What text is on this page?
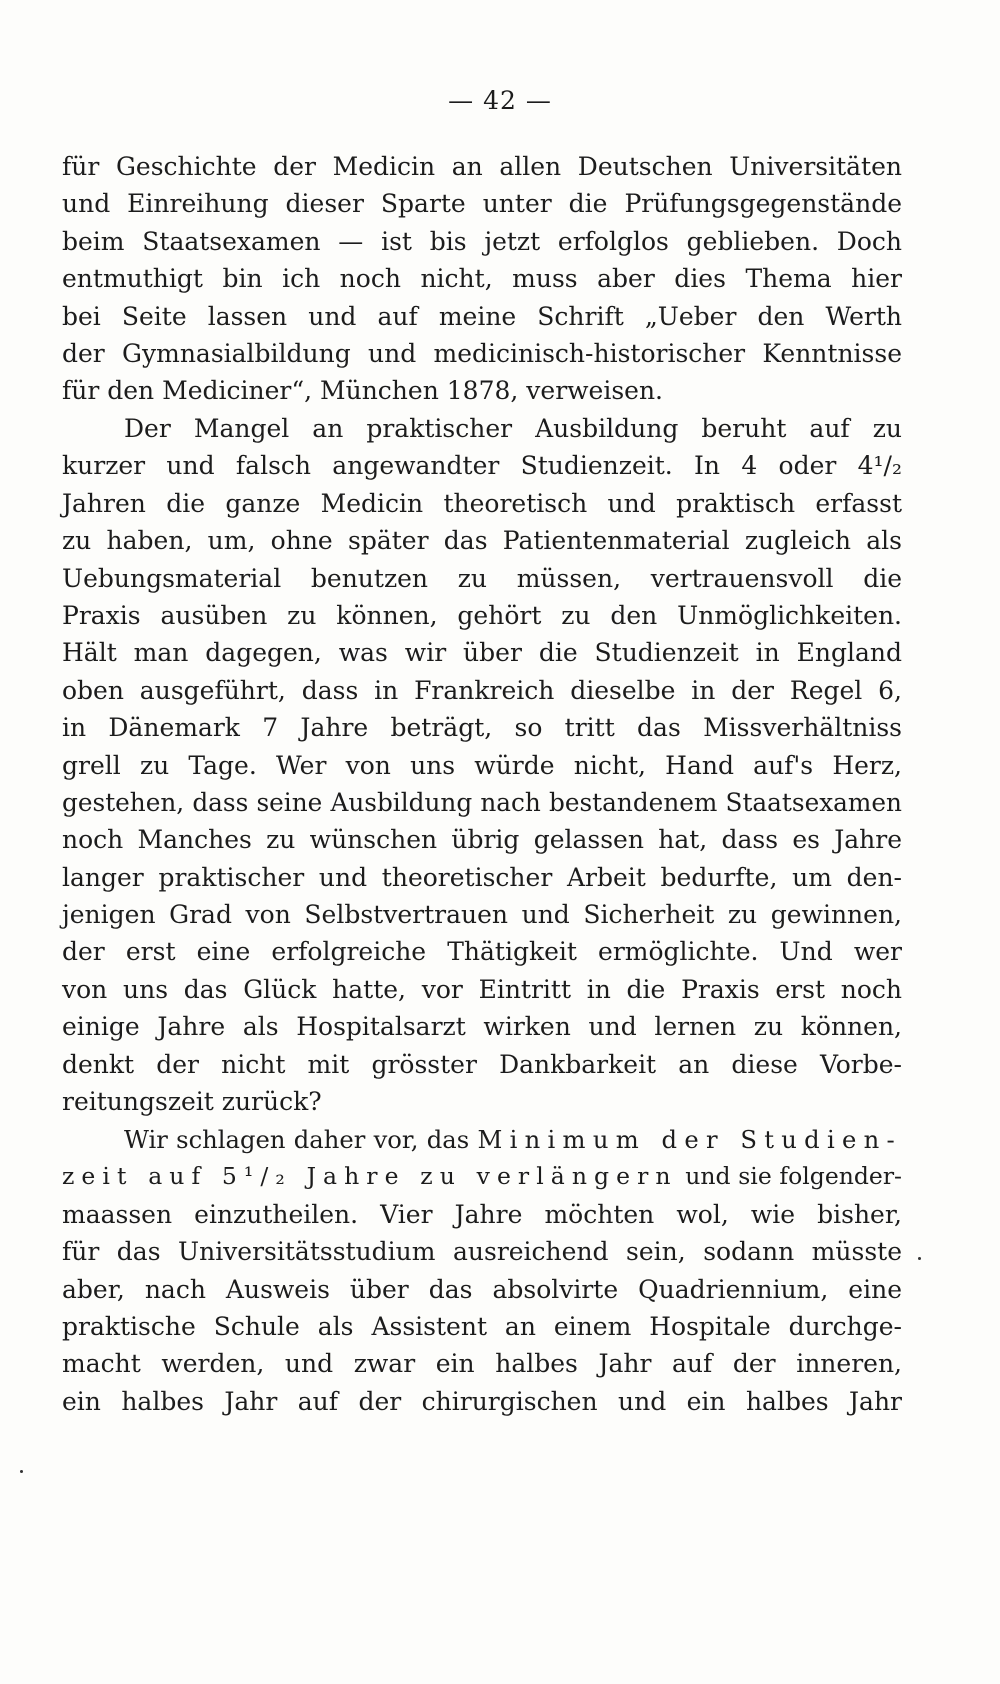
— 42 —
für Geschichte der Medicin an allen Deutschen Universitäten
und Einreihung dieser Sparte unter die Prüfungsgegenstände
beim Staatsexamen — ist bis jetzt erfolglos geblieben. Doch
entmuthigt bin ich noch nicht, muss aber dies Thema hier
bei Seite lassen und auf meine Schrift „Ueber den Werth
der Gymnasialbildung und medicinisch-historischer Kenntnisse
für den Mediciner“, München 1878, verweisen.
Der Mangel an praktischer Ausbildung beruht auf zu
kurzer und falsch angewandter Studienzeit. In 4 oder 4¹/₂
Jahren die ganze Medicin theoretisch und praktisch erfasst
zu haben, um, ohne später das Patientenmaterial zugleich als
Uebungsmaterial benutzen zu müssen, vertrauensvoll die
Praxis ausüben zu können, gehört zu den Unmöglichkeiten.
Hält man dagegen, was wir über die Studienzeit in England
oben ausgeführt, dass in Frankreich dieselbe in der Regel 6,
in Dänemark 7 Jahre beträgt, so tritt das Missverhältniss
grell zu Tage. Wer von uns würde nicht, Hand auf's Herz,
gestehen, dass seine Ausbildung nach bestandenem Staatsexamen
noch Manches zu wünschen übrig gelassen hat, dass es Jahre
langer praktischer und theoretischer Arbeit bedurfte, um den-
jenigen Grad von Selbstvertrauen und Sicherheit zu gewinnen,
der erst eine erfolgreiche Thätigkeit ermöglichte. Und wer
von uns das Glück hatte, vor Eintritt in die Praxis erst noch
einige Jahre als Hospitalsarzt wirken und lernen zu können,
denkt der nicht mit grösster Dankbarkeit an diese Vorbe-
reitungszeit zurück?
Wir schlagen daher vor, das Minimum der Studien-
zeit auf 5¹/₂ Jahre zu verlängern und sie folgender-
maassen einzutheilen. Vier Jahre möchten wol, wie bisher,
für das Universitätsstudium ausreichend sein, sodann müsste
aber, nach Ausweis über das absolvirte Quadriennium, eine
praktische Schule als Assistent an einem Hospitale durchge-
macht werden, und zwar ein halbes Jahr auf der inneren,
ein halbes Jahr auf der chirurgischen und ein halbes Jahr
